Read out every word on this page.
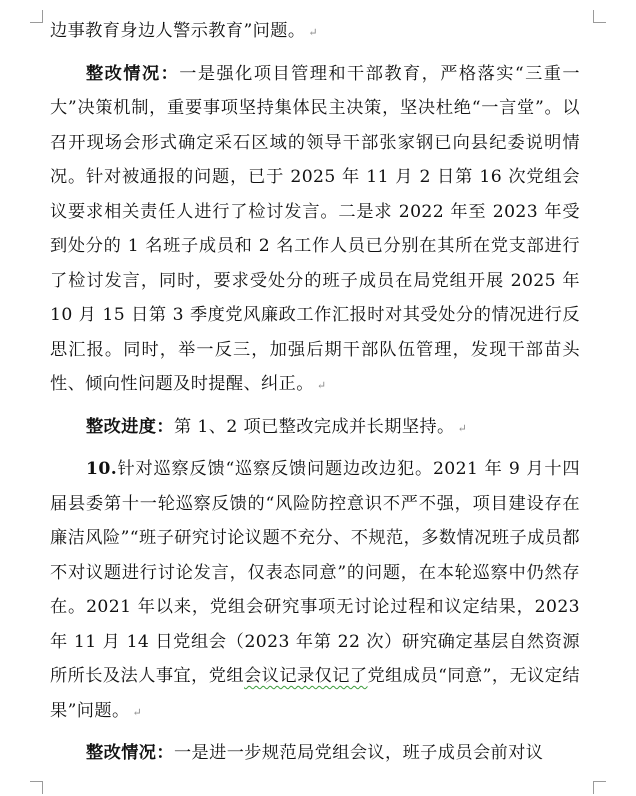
边事教育身边人警示教育”问题。 ↵

整改情况：一是强化项目管理和干部教育，严格落实“三重一大”决策机制，重要事项坚持集体民主决策，坚决杜绝“一言堂”。以召开现场会形式确定采石区域的领导干部张家钢已向县纪委说明情况。针对被通报的问题，已于 2025 年 11 月 2 日第 16 次党组会议要求相关责任人进行了检讨发言。二是求 2022 年至 2023 年受到处分的 1 名班子成员和 2 名工作人员已分别在其所在党支部进行了检讨发言，同时，要求受处分的班子成员在局党组开展 2025 年 10 月 15 日第 3 季度党风廉政工作汇报时对其受处分的情况进行反思汇报。同时，举一反三，加强后期干部队伍管理，发现干部苗头性、倾向性问题及时提醒、纠正。 ↵

整改进度：第 1、2 项已整改完成并长期坚持。 ↵

10.针对巡察反馈“巡察反馈问题边改边犯。2021 年 9 月十四届县委第十一轮巡察反馈的“风险防控意识不严不强，项目建设存在廉洁风险”“班子研究讨论议题不充分、不规范，多数情况班子成员都不对议题进行讨论发言，仅表态同意”的问题，在本轮巡察中仍然存在。2021 年以来，党组会研究事项无讨论过程和议定结果，2023 年 11 月 14 日党组会（2023 年第 22 次）研究确定基层自然资源所所长及法人事宜，党组会议记录仅记了党组成员“同意”，无议定结果”问题。 ↵

整改情况：一是进一步规范局党组会议，班子成员会前对议
